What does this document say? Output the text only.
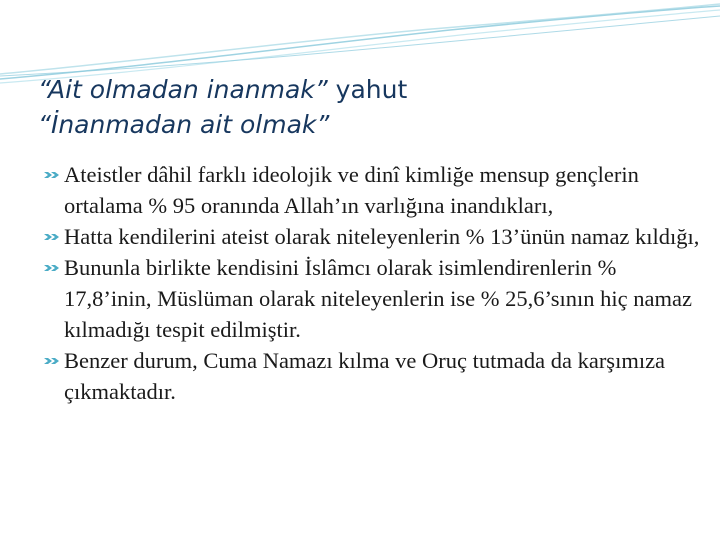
“Ait olmadan inanmak” yahut
“İnanmadan ait olmak”
Ateistler dâhil farklı ideolojik ve dinî kimliğe mensup gençlerin ortalama % 95 oranında Allah’ın varlığına inandıkları,
Hatta kendilerini ateist olarak niteleyenlerin % 13’ünün namaz kıldığı,
Bununla birlikte kendisini İslâmcı olarak isimlendirenlerin % 17,8’inin, Müslüman olarak niteleyenlerin ise % 25,6’sının hiç namaz kılmadığı tespit edilmiştir.
Benzer durum, Cuma Namazı kılma ve Oruç tutmada da karşımıza çıkmaktadır.
